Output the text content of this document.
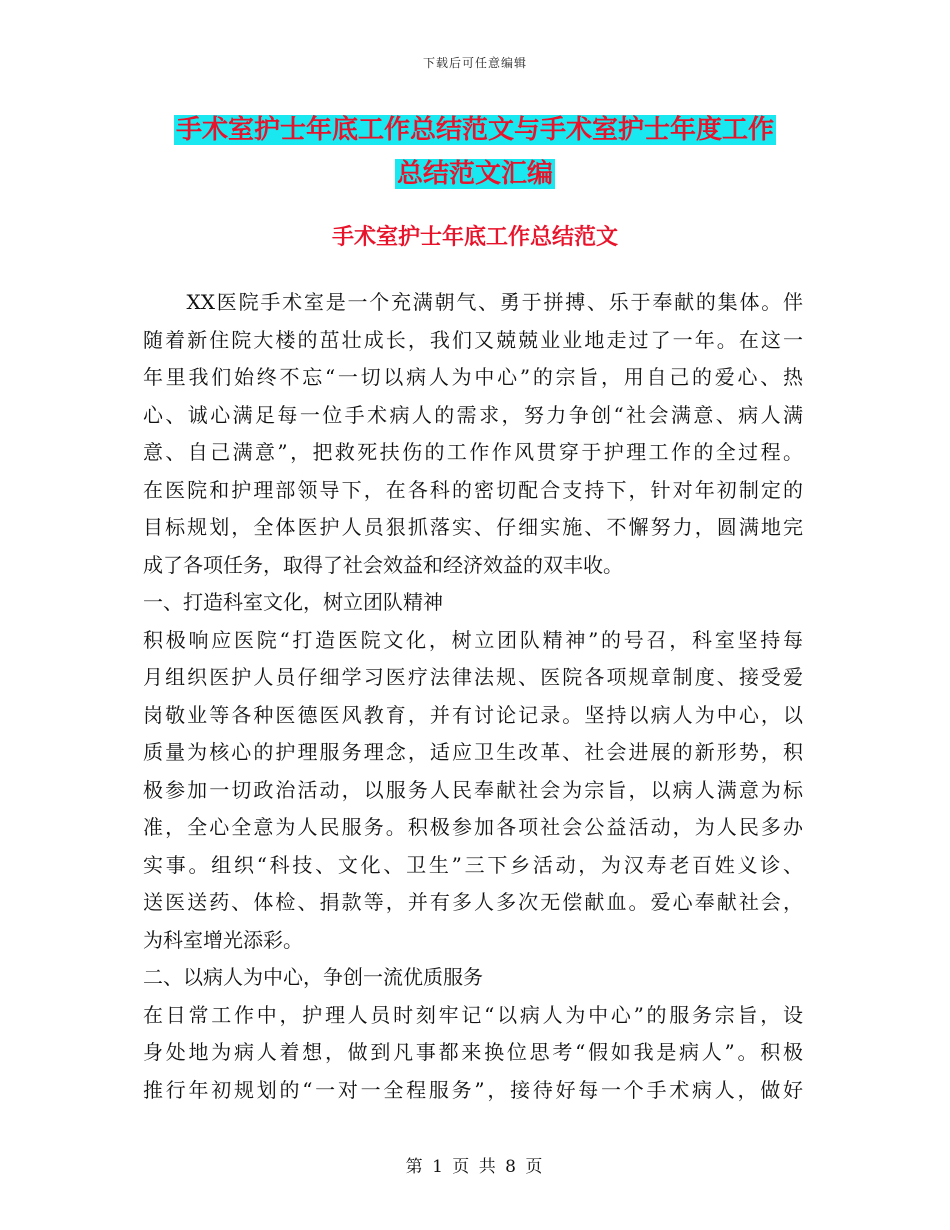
下载后可任意编辑
手术室护士年底工作总结范文与手术室护士年度工作
总结范文汇编
手术室护士年底工作总结范文
　　XX医院手术室是一个充满朝气、勇于拼搏、乐于奉献的集体。伴
随着新住院大楼的茁壮成长，我们又兢兢业业地走过了一年。在这一
年里我们始终不忘“一切以病人为中心”的宗旨，用自己的爱心、热
心、诚心满足每一位手术病人的需求，努力争创“社会满意、病人满
意、自己满意”，把救死扶伤的工作作风贯穿于护理工作的全过程。
在医院和护理部领导下，在各科的密切配合支持下，针对年初制定的
目标规划，全体医护人员狠抓落实、仔细实施、不懈努力，圆满地完
成了各项任务，取得了社会效益和经济效益的双丰收。
一、打造科室文化，树立团队精神
积极响应医院“打造医院文化，树立团队精神”的号召，科室坚持每
月组织医护人员仔细学习医疗法律法规、医院各项规章制度、接受爱
岗敬业等各种医德医风教育，并有讨论记录。坚持以病人为中心，以
质量为核心的护理服务理念，适应卫生改革、社会进展的新形势，积
极参加一切政治活动，以服务人民奉献社会为宗旨，以病人满意为标
准，全心全意为人民服务。积极参加各项社会公益活动，为人民多办
实事。组织“科技、文化、卫生”三下乡活动，为汉寿老百姓义诊、
送医送药、体检、捐款等，并有多人多次无偿献血。爱心奉献社会，
为科室增光添彩。
二、以病人为中心，争创一流优质服务
在日常工作中，护理人员时刻牢记“以病人为中心”的服务宗旨，设
身处地为病人着想，做到凡事都来换位思考“假如我是病人”。积极
推行年初规划的“一对一全程服务”，接待好每一个手术病人，做好
第 1 页 共 8 页
